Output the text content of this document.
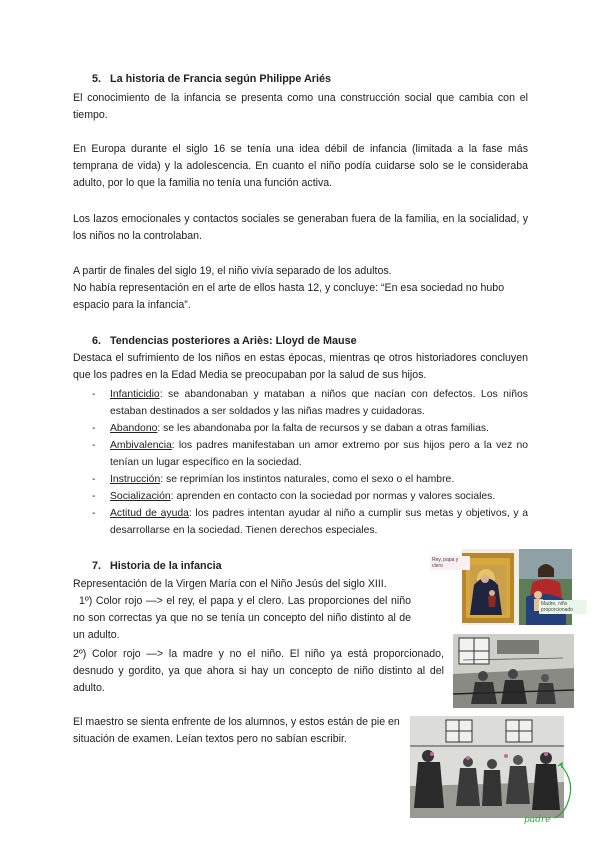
5. La historia de Francia según Philippe Ariés

El conocimiento de la infancia se presenta como una construcción social que cambia con el tiempo.

En Europa durante el siglo 16 se tenía una idea débil de infancia (limitada a la fase más temprana de vida) y la adolescencia. En cuanto el niño podía cuidarse solo se le consideraba adulto, por lo que la familia no tenía una función activa.

Los lazos emocionales y contactos sociales se generaban fuera de la familia, en la socialidad, y los niños no la controlaban.

A partir de finales del siglo 19, el niño vivía separado de los adultos.

No había representación en el arte de ellos hasta 12, y concluye: “En esa sociedad no hubo espacio para la infancia”.

6. Tendencias posteriores a Ariès: Lloyd de Mause

Destaca el sufrimiento de los niños en estas épocas, mientras qe otros historiadores concluyen que los padres en la Edad Media se preocupaban por la salud de sus hijos.

- Infanticidio: se abandonaban y mataban a niños que nacían con defectos. Los niños estaban destinados a ser soldados y las niñas madres y cuidadoras.
- Abandono: se les abandonaba por la falta de recursos y se daban a otras familias.
- Ambivalencia: los padres manifestaban un amor extremo por sus hijos pero a la vez no tenían un lugar específico en la sociedad.
- Instrucción: se reprimían los instintos naturales, como el sexo o el hambre.
- Socialización: aprenden en contacto con la sociedad por normas y valores sociales.
- Actitud de ayuda: los padres intentan ayudar al niño a cumplir sus metas y objetivos, y a desarrollarse en la sociedad. Tienen derechos especiales.
7. Historia de la infancia

Representación de la Virgen María con el Niño Jesús del siglo XIII.

1º) Color rojo —> el rey, el papa y el clero. Las proporciones del niño no son correctas ya que no se tenía un concepto del niño distinto al de un adulto.

2º) Color rojo —> la madre y no el niño. El niño ya está proporcionado, desnudo y gordito, ya que ahora si hay un concepto de niño distinto al del adulto.

El maestro se sienta enfrente de los alumnos, y estos están de pie en situación de examen. Leían textos pero no sabían escribir.

Rey, papa y clero
Madre, niño proporcionado
padre
